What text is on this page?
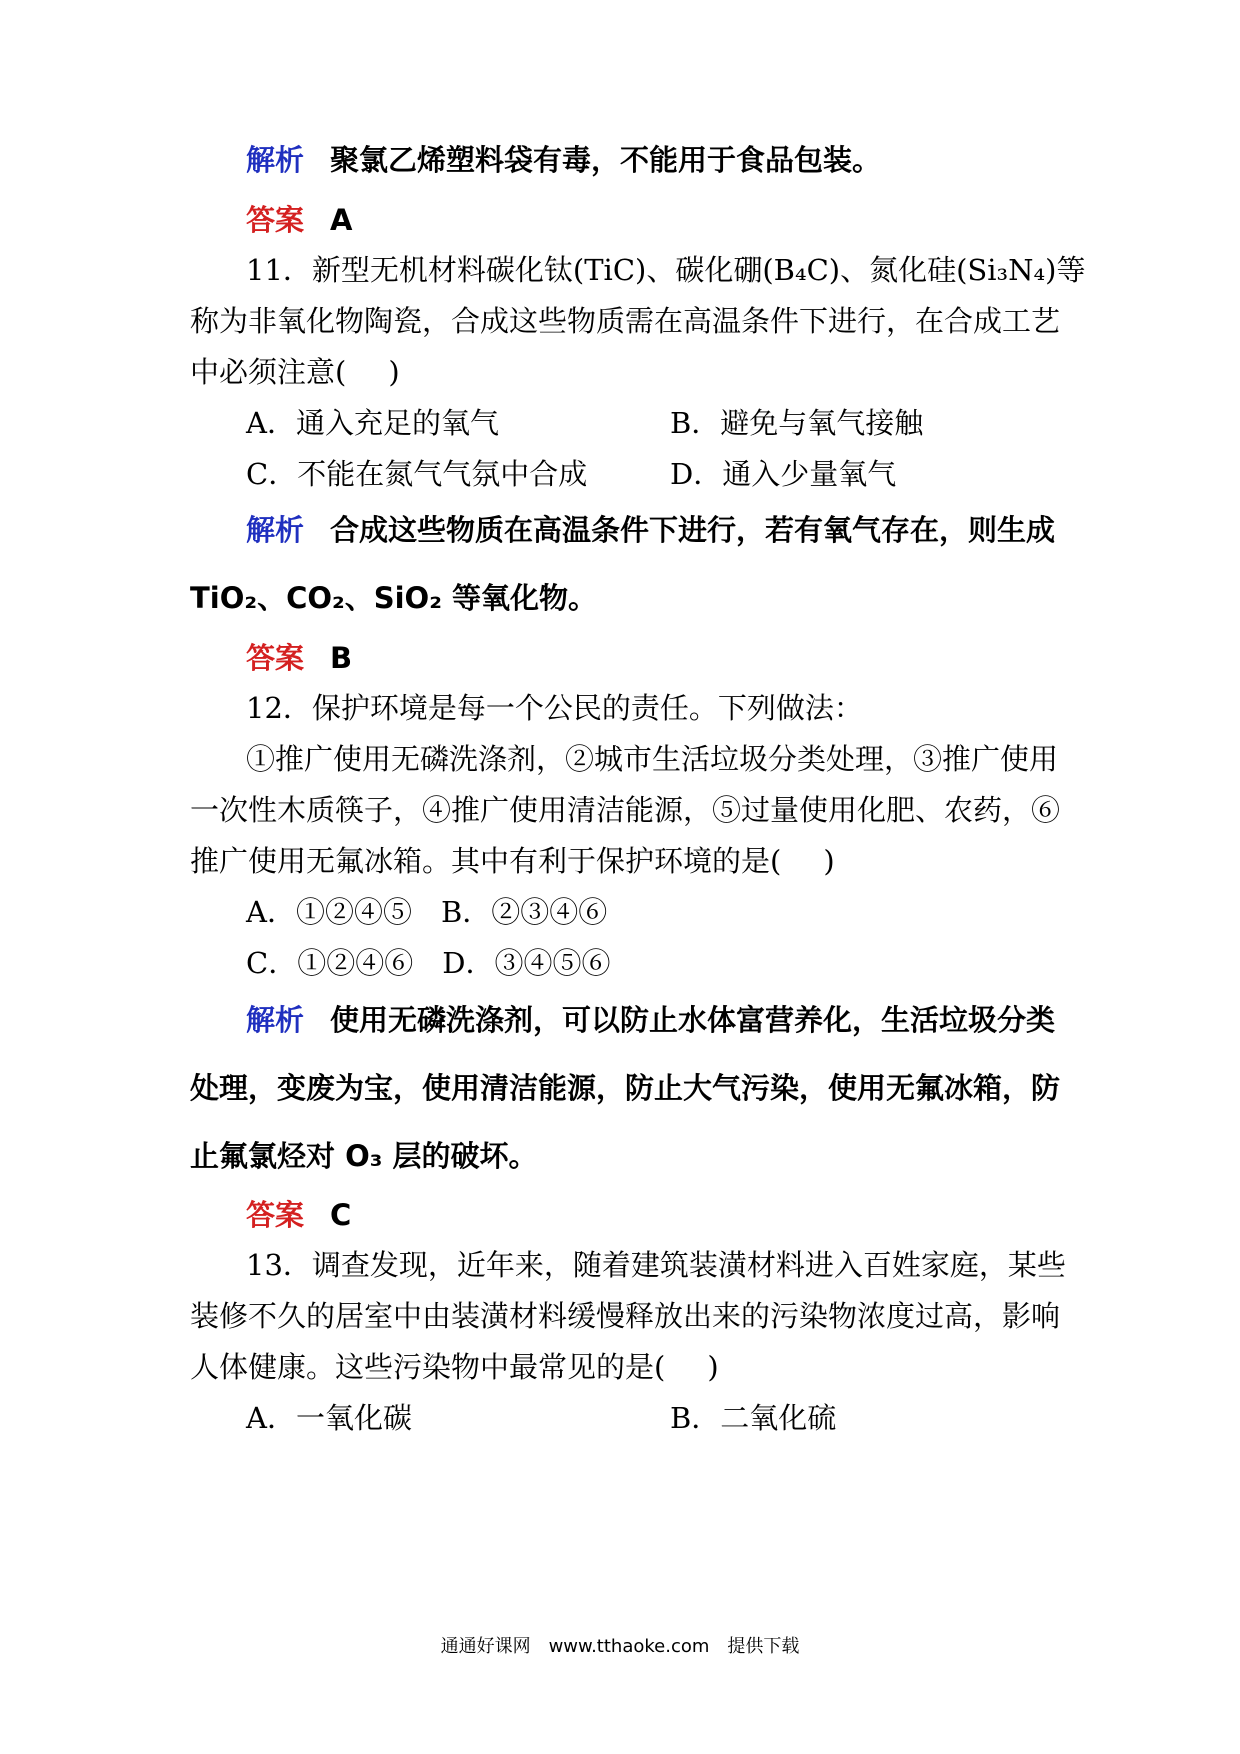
解析 聚氯乙烯塑料袋有毒，不能用于食品包装。
答案 A
11．新型无机材料碳化钛(TiC)、碳化硼(B₄C)、氮化硅(Si₃N₄)等
称为非氧化物陶瓷，合成这些物质需在高温条件下进行，在合成工艺
中必须注意( )
A．通入充足的氧气	B．避免与氧气接触
C．不能在氮气气氛中合成	D．通入少量氧气
解析 合成这些物质在高温条件下进行，若有氧气存在，则生成
TiO₂、CO₂、SiO₂ 等氧化物。
答案 B
12．保护环境是每一个公民的责任。下列做法：
①推广使用无磷洗涤剂，②城市生活垃圾分类处理，③推广使用
一次性木质筷子，④推广使用清洁能源，⑤过量使用化肥、农药，⑥
推广使用无氟冰箱。其中有利于保护环境的是( )
A．①②④⑤　B．②③④⑥
C．①②④⑥　D．③④⑤⑥
解析 使用无磷洗涤剂，可以防止水体富营养化，生活垃圾分类
处理，变废为宝，使用清洁能源，防止大气污染，使用无氟冰箱，防
止氟氯烃对 O₃ 层的破坏。
答案 C
13．调查发现，近年来，随着建筑装潢材料进入百姓家庭，某些
装修不久的居室中由装潢材料缓慢释放出来的污染物浓度过高，影响
人体健康。这些污染物中最常见的是( )
A．一氧化碳	B．二氧化硫
通通好课网　www.tthaoke.com　提供下载
